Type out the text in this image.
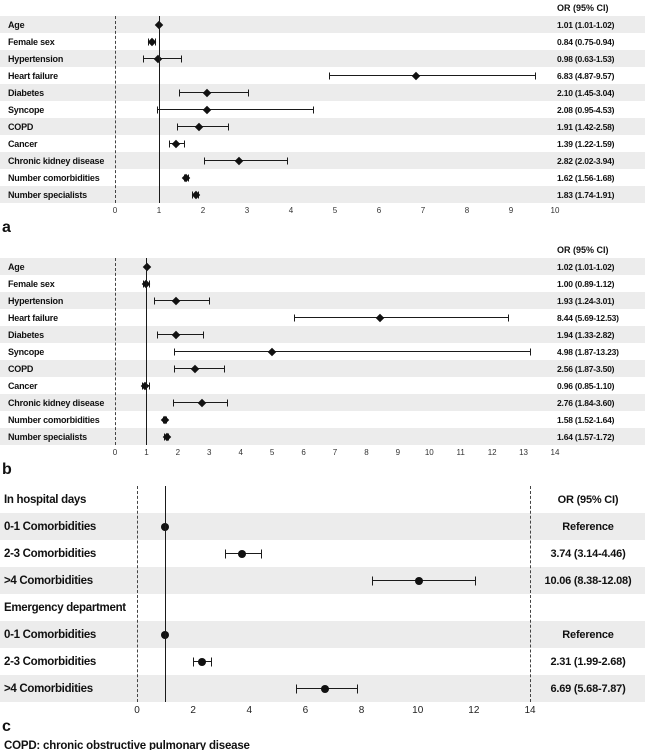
OR (95% CI)
Age	1.01 (1.01-1.02)
Female sex	0.84 (0.75-0.94)
Hypertension	0.98 (0.63-1.53)
Heart failure	6.83 (4.87-9.57)
Diabetes	2.10 (1.45-3.04)
Syncope	2.08 (0.95-4.53)
COPD	1.91 (1.42-2.58)
Cancer	1.39 (1.22-1.59)
Chronic kidney disease	2.82 (2.02-3.94)
Number comorbidities	1.62 (1.56-1.68)
Number specialists	1.83 (1.74-1.91)
0	1	2	3	4	5	6	7	8	9	10
a
OR (95% CI)
Age	1.02 (1.01-1.02)
Female sex	1.00 (0.89-1.12)
Hypertension	1.93 (1.24-3.01)
Heart failure	8.44 (5.69-12.53)
Diabetes	1.94 (1.33-2.82)
Syncope	4.98 (1.87-13.23)
COPD	2.56 (1.87-3.50)
Cancer	0.96 (0.85-1.10)
Chronic kidney disease	2.76 (1.84-3.60)
Number comorbidities	1.58 (1.52-1.64)
Number specialists	1.64 (1.57-1.72)
0	1	2	3	4	5	6	7	8	9	10	11	12	13	14
b
In hospital days	OR (95% CI)
0-1 Comorbidities	Reference
2-3 Comorbidities	3.74 (3.14-4.46)
>4 Comorbidities	10.06 (8.38-12.08)
Emergency department
0-1 Comorbidities	Reference
2-3 Comorbidities	2.31 (1.99-2.68)
>4 Comorbidities	6.69 (5.68-7.87)
0	2	4	6	8	10	12	14
c
COPD: chronic obstructive pulmonary disease
